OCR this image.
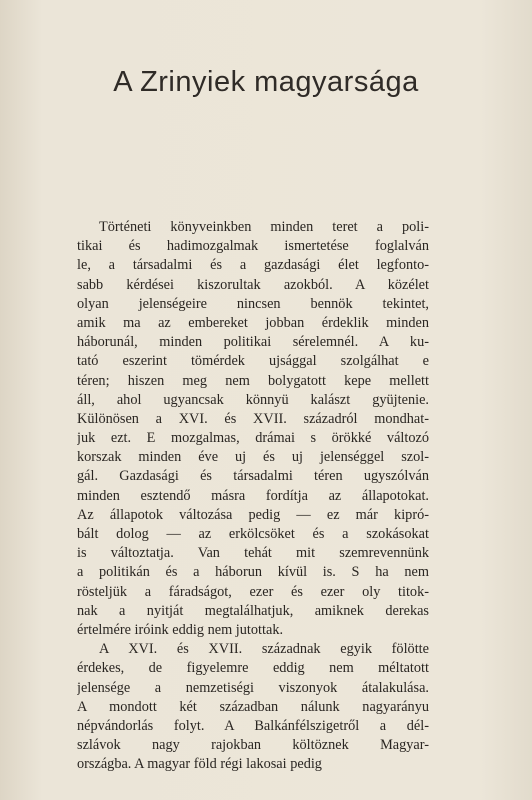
A Zrinyiek magyarsága
Történeti könyveinkben minden teret a poli-
tikai és hadimozgalmak ismertetése foglalván
le, a társadalmi és a gazdasági élet legfonto-
sabb kérdései kiszorultak azokból. A közélet
olyan jelenségeire nincsen bennök tekintet,
amik ma az embereket jobban érdeklik minden
háborunál, minden politikai sérelemnél. A ku-
tató eszerint tömérdek ujsággal szolgálhat e
téren; hiszen meg nem bolygatott kepe mellett
áll, ahol ugyancsak könnyü kalászt gyüjtenie.
Különösen a XVI. és XVII. századról mondhat-
juk ezt. E mozgalmas, drámai s örökké változó
korszak minden éve uj és uj jelenséggel szol-
gál. Gazdasági és társadalmi téren ugyszólván
minden esztendő másra fordítja az állapotokat.
Az állapotok változása pedig — ez már kipró-
bált dolog — az erkölcsöket és a szokásokat
is változtatja. Van tehát mit szemrevennünk
a politikán és a háborun kívül is. S ha nem
rösteljük a fáradságot, ezer és ezer oly titok-
nak a nyitját megtalálhatjuk, amiknek derekas
értelmére iróink eddig nem jutottak.
A XVI. és XVII. századnak egyik fölötte
érdekes, de figyelemre eddig nem méltatott
jelensége a nemzetiségi viszonyok átalakulása.
A mondott két században nálunk nagyarányu
népvándorlás folyt. A Balkánfélszigetről a dél-
szlávok nagy rajokban költöznek Magyar-
országba. A magyar föld régi lakosai pedig
